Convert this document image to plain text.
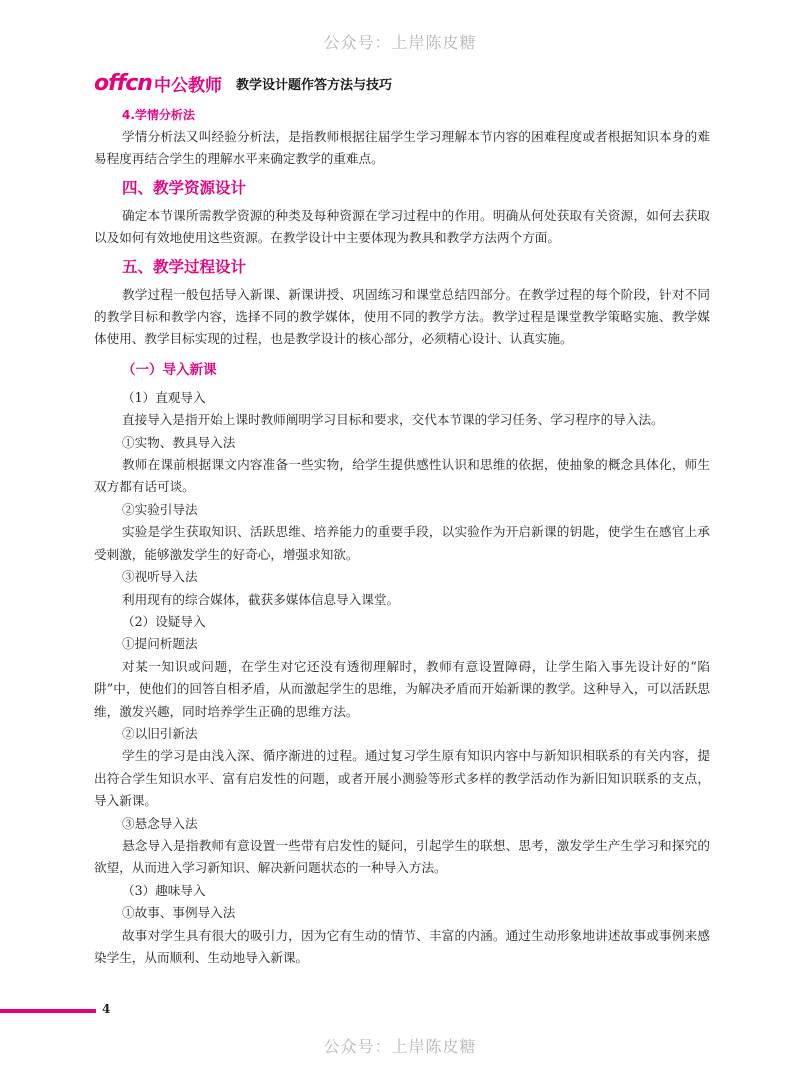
公众号：上岸陈皮糖
offcn 中公教师 教学设计题作答方法与技巧
4.学情分析法

学情分析法又叫经验分析法，是指教师根据往届学生学习理解本节内容的困难程度或者根据知识本身的难易程度再结合学生的理解水平来确定教学的重难点。

四、教学资源设计

确定本节课所需教学资源的种类及每种资源在学习过程中的作用。明确从何处获取有关资源，如何去获取以及如何有效地使用这些资源。在教学设计中主要体现为教具和教学方法两个方面。

五、教学过程设计

教学过程一般包括导入新课、新课讲授、巩固练习和课堂总结四部分。在教学过程的每个阶段，针对不同的教学目标和教学内容，选择不同的教学媒体，使用不同的教学方法。教学过程是课堂教学策略实施、教学媒体使用、教学目标实现的过程，也是教学设计的核心部分，必须精心设计、认真实施。

（一）导入新课
（1）直观导入

直接导入是指开始上课时教师阐明学习目标和要求，交代本节课的学习任务、学习程序的导入法。

①实物、教具导入法

教师在课前根据课文内容准备一些实物，给学生提供感性认识和思维的依据，使抽象的概念具体化，师生双方都有话可谈。

②实验引导法

实验是学生获取知识、活跃思维、培养能力的重要手段，以实验作为开启新课的钥匙，使学生在感官上承受刺激，能够激发学生的好奇心，增强求知欲。

③视听导入法

利用现有的综合媒体，截获多媒体信息导入课堂。

（2）设疑导入
①提问析题法

对某一知识或问题，在学生对它还没有透彻理解时，教师有意设置障碍，让学生陷入事先设计好的“陷阱”中，使他们的回答自相矛盾，从而激起学生的思维，为解决矛盾而开始新课的教学。这种导入，可以活跃思维，激发兴趣，同时培养学生正确的思维方法。

②以旧引新法

学生的学习是由浅入深、循序渐进的过程。通过复习学生原有知识内容中与新知识相联系的有关内容，提出符合学生知识水平、富有启发性的问题，或者开展小测验等形式多样的教学活动作为新旧知识联系的支点，导入新课。

③悬念导入法

悬念导入是指教师有意设置一些带有启发性的疑问，引起学生的联想、思考，激发学生产生学习和探究的欲望，从而进入学习新知识、解决新问题状态的一种导入方法。

（3）趣味导入
①故事、事例导入法

故事对学生具有很大的吸引力，因为它有生动的情节、丰富的内涵。通过生动形象地讲述故事或事例来感染学生，从而顺利、生动地导入新课。

4
公众号：上岸陈皮糖
